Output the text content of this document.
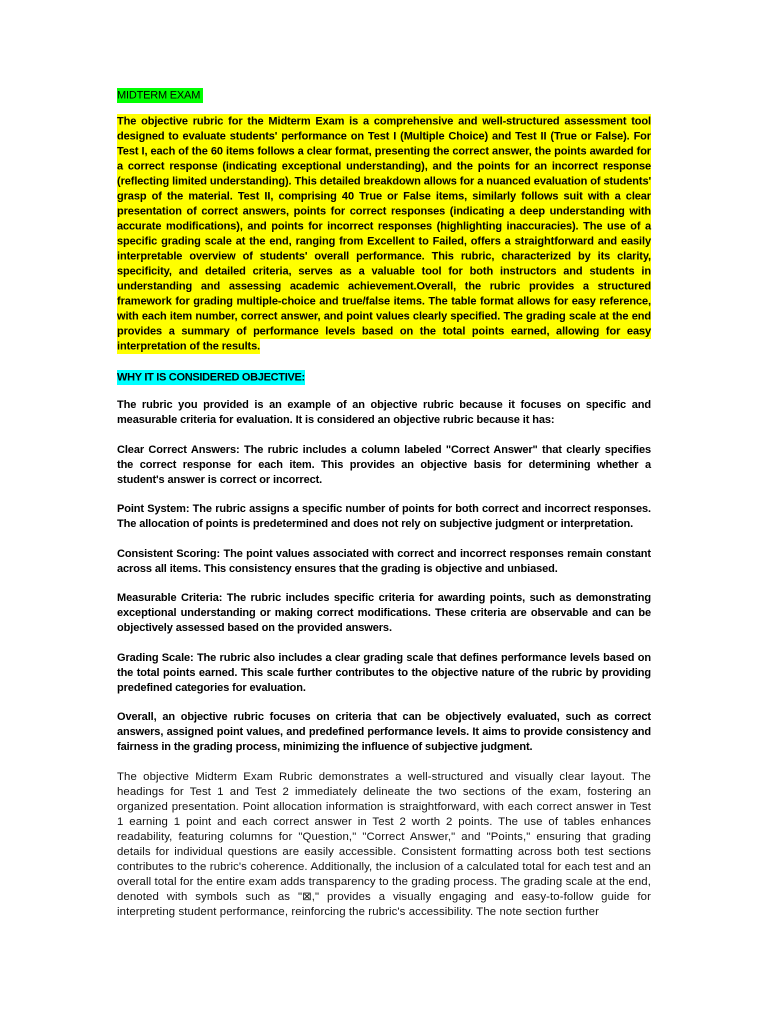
MIDTERM EXAM

The objective rubric for the Midterm Exam is a comprehensive and well-structured assessment tool designed to evaluate students' performance on Test I (Multiple Choice) and Test II (True or False). For Test I, each of the 60 items follows a clear format, presenting the correct answer, the points awarded for a correct response (indicating exceptional understanding), and the points for an incorrect response (reflecting limited understanding). This detailed breakdown allows for a nuanced evaluation of students' grasp of the material. Test II, comprising 40 True or False items, similarly follows suit with a clear presentation of correct answers, points for correct responses (indicating a deep understanding with accurate modifications), and points for incorrect responses (highlighting inaccuracies). The use of a specific grading scale at the end, ranging from Excellent to Failed, offers a straightforward and easily interpretable overview of students' overall performance. This rubric, characterized by its clarity, specificity, and detailed criteria, serves as a valuable tool for both instructors and students in understanding and assessing academic achievement.Overall, the rubric provides a structured framework for grading multiple-choice and true/false items. The table format allows for easy reference, with each item number, correct answer, and point values clearly specified. The grading scale at the end provides a summary of performance levels based on the total points earned, allowing for easy interpretation of the results.

WHY IT IS CONSIDERED OBJECTIVE:

The rubric you provided is an example of an objective rubric because it focuses on specific and measurable criteria for evaluation. It is considered an objective rubric because it has:

Clear Correct Answers: The rubric includes a column labeled "Correct Answer" that clearly specifies the correct response for each item. This provides an objective basis for determining whether a student's answer is correct or incorrect.

Point System: The rubric assigns a specific number of points for both correct and incorrect responses. The allocation of points is predetermined and does not rely on subjective judgment or interpretation.

Consistent Scoring: The point values associated with correct and incorrect responses remain constant across all items. This consistency ensures that the grading is objective and unbiased.

Measurable Criteria: The rubric includes specific criteria for awarding points, such as demonstrating exceptional understanding or making correct modifications. These criteria are observable and can be objectively assessed based on the provided answers.

Grading Scale: The rubric also includes a clear grading scale that defines performance levels based on the total points earned. This scale further contributes to the objective nature of the rubric by providing predefined categories for evaluation.

Overall, an objective rubric focuses on criteria that can be objectively evaluated, such as correct answers, assigned point values, and predefined performance levels. It aims to provide consistency and fairness in the grading process, minimizing the influence of subjective judgment.

The objective Midterm Exam Rubric demonstrates a well-structured and visually clear layout. The headings for Test 1 and Test 2 immediately delineate the two sections of the exam, fostering an organized presentation. Point allocation information is straightforward, with each correct answer in Test 1 earning 1 point and each correct answer in Test 2 worth 2 points. The use of tables enhances readability, featuring columns for "Question," "Correct Answer," and "Points," ensuring that grading details for individual questions are easily accessible. Consistent formatting across both test sections contributes to the rubric's coherence. Additionally, the inclusion of a calculated total for each test and an overall total for the entire exam adds transparency to the grading process. The grading scale at the end, denoted with symbols such as "⊠," provides a visually engaging and easy-to-follow guide for interpreting student performance, reinforcing the rubric's accessibility. The note section further
